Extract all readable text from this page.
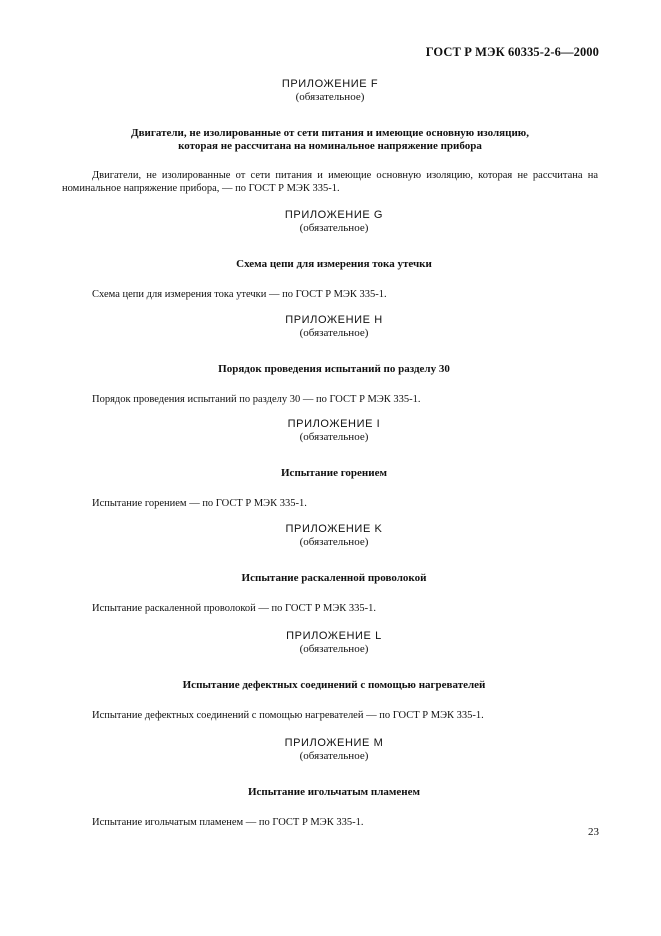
ГОСТ Р МЭК 60335-2-6—2000
ПРИЛОЖЕНИЕ F
(обязательное)
Двигатели, не изолированные от сети питания и имеющие основную изоляцию,
которая не рассчитана на номинальное напряжение прибора
Двигатели, не изолированные от сети питания и имеющие основную изоляцию, которая не рассчитана на номинальное напряжение прибора, — по ГОСТ Р МЭК 335-1.
ПРИЛОЖЕНИЕ G
(обязательное)
Схема цепи для измерения тока утечки
Схема цепи для измерения тока утечки — по ГОСТ Р МЭК 335-1.
ПРИЛОЖЕНИЕ H
(обязательное)
Порядок проведения испытаний по разделу 30
Порядок проведения испытаний по разделу 30 — по ГОСТ Р МЭК 335-1.
ПРИЛОЖЕНИЕ I
(обязательное)
Испытание горением
Испытание горением — по ГОСТ Р МЭК 335-1.
ПРИЛОЖЕНИЕ K
(обязательное)
Испытание раскаленной проволокой
Испытание раскаленной проволокой — по ГОСТ Р МЭК 335-1.
ПРИЛОЖЕНИЕ L
(обязательное)
Испытание дефектных соединений с помощью нагревателей
Испытание дефектных соединений с помощью нагревателей — по ГОСТ Р МЭК 335-1.
ПРИЛОЖЕНИЕ M
(обязательное)
Испытание игольчатым пламенем
Испытание игольчатым пламенем — по ГОСТ Р МЭК 335-1.
23
